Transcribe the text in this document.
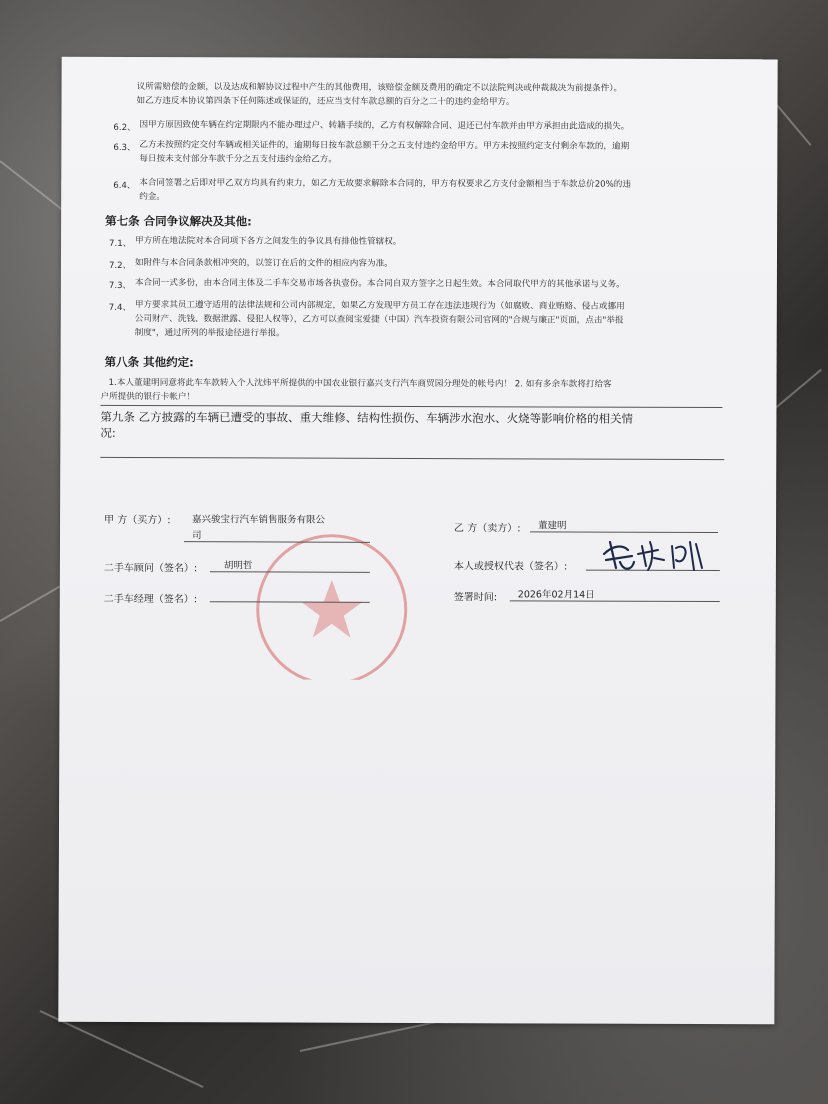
议所需赔偿的金额，以及达成和解协议过程中产生的其他费用，该赔偿金额及费用的确定不以法院判决或仲裁裁决为前提条件）。
如乙方违反本协议第四条下任何陈述或保证的，还应当支付车款总额的百分之二十的违约金给甲方。
6.2、 因甲方原因致使车辆在约定期限内不能办理过户、转籍手续的，乙方有权解除合同、退还已付车款并由甲方承担由此造成的损失。
6.3、 乙方未按照约定交付车辆或相关证件的，逾期每日按车款总额千分之五支付违约金给甲方。甲方未按照约定支付剩余车款的，逾期
每日按未支付部分车款千分之五支付违约金给乙方。
6.4、 本合同签署之后即对甲乙双方均具有约束力，如乙方无故要求解除本合同的，甲方有权要求乙方支付金额相当于车款总价20%的违
约金。
第七条 合同争议解决及其他:
7.1、 甲方所在地法院对本合同项下各方之间发生的争议具有排他性管辖权。
7.2、 如附件与本合同条款相冲突的，以签订在后的文件的相应内容为准。
7.3、 本合同一式多份，由本合同主体及二手车交易市场各执壹份。本合同自双方签字之日起生效。本合同取代甲方的其他承诺与义务。
7.4、 甲方要求其员工遵守适用的法律法规和公司内部规定，如果乙方发现甲方员工存在违法违规行为（如腐败、商业贿赂、侵占或挪用
公司财产、洗钱、数据泄露、侵犯人权等），乙方可以查阅宝爱捷（中国）汽车投资有限公司官网的"合规与廉正"页面，点击"举报
制度"，通过所列的举报途径进行举报。
第八条 其他约定:
1.本人董建明同意将此车车款转入个人沈炜平所提供的中国农业银行嘉兴支行汽车商贸园分理处的帐号内！ 2. 如有多余车款将打给客
户所提供的银行卡帐户！
第九条 乙方披露的车辆已遭受的事故、重大维修、结构性损伤、车辆涉水泡水、火烧等影响价格的相关情
况:
甲 方（买方）: 嘉兴骏宝行汽车销售服务有限公
司
二手车顾问（签名）:	胡明哲
二手车经理（签名）:
乙 方（卖方）: 董建明
本人或授权代表（签名）:
签署时间: 2026年02月14日
